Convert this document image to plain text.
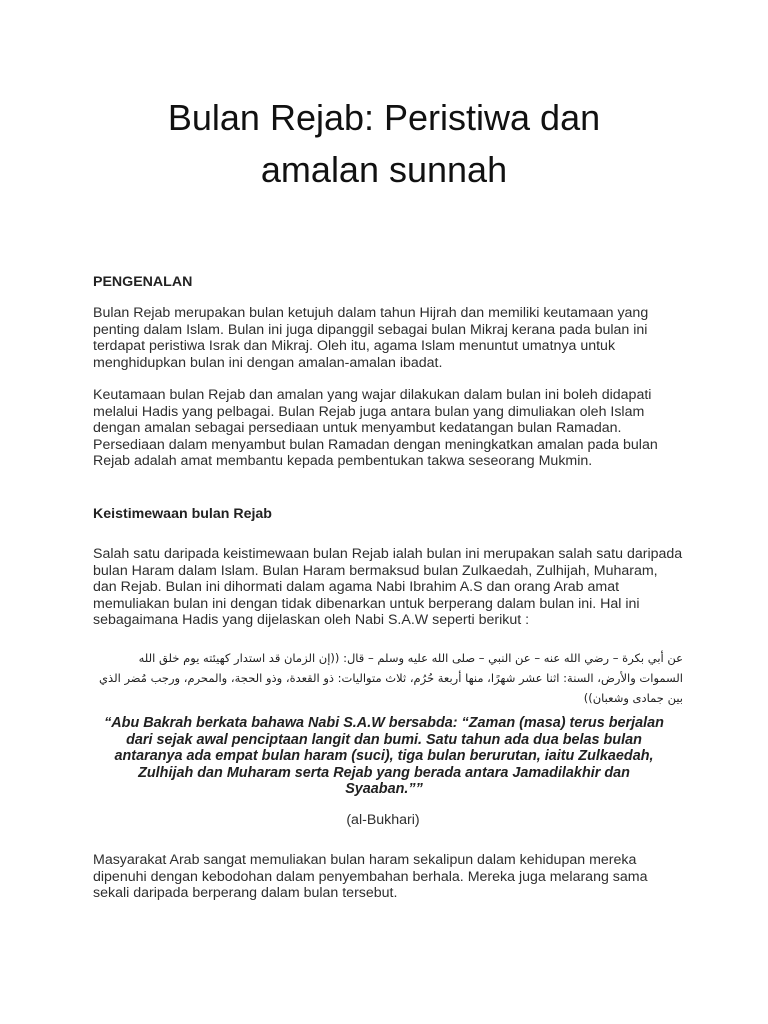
Bulan Rejab: Peristiwa dan amalan sunnah

PENGENALAN

Bulan Rejab merupakan bulan ketujuh dalam tahun Hijrah dan memiliki keutamaan yang penting dalam Islam. Bulan ini juga dipanggil sebagai bulan Mikraj kerana pada bulan ini terdapat peristiwa Israk dan Mikraj. Oleh itu, agama Islam menuntut umatnya untuk menghidupkan bulan ini dengan amalan-amalan ibadat.

Keutamaan bulan Rejab dan amalan yang wajar dilakukan dalam bulan ini boleh didapati melalui Hadis yang pelbagai. Bulan Rejab juga antara bulan yang dimuliakan oleh Islam dengan amalan sebagai persediaan untuk menyambut kedatangan bulan Ramadan. Persediaan dalam menyambut bulan Ramadan dengan meningkatkan amalan pada bulan Rejab adalah amat membantu kepada pembentukan takwa seseorang Mukmin.

Keistimewaan bulan Rejab

Salah satu daripada keistimewaan bulan Rejab ialah bulan ini merupakan salah satu daripada bulan Haram dalam Islam. Bulan Haram bermaksud bulan Zulkaedah, Zulhijah, Muharam, dan Rejab. Bulan ini dihormati dalam agama Nabi Ibrahim A.S dan orang Arab amat memuliakan bulan ini dengan tidak dibenarkan untuk berperang dalam bulan ini. Hal ini sebagaimana Hadis yang dijelaskan oleh Nabi S.A.W seperti berikut :

عن أبي بكرة – رضي الله عنه – عن النبي – صلى الله عليه وسلم – قال: ((إن الزمان قد استدار كهيئته يوم خلق الله السموات والأرض، السنة: اثنا عشر شهرًا، منها أربعة حُرُم، ثلاث متواليات: ذو القعدة، وذو الحجة، والمحرم، ورجب مُضر الذي بين جمادى وشعبان))

“Abu Bakrah berkata bahawa Nabi S.A.W bersabda: “Zaman (masa) terus berjalan dari sejak awal penciptaan langit dan bumi. Satu tahun ada dua belas bulan antaranya ada empat bulan haram (suci), tiga bulan berurutan, iaitu Zulkaedah, Zulhijah dan Muharam serta Rejab yang berada antara Jamadilakhir dan Syaaban.””

(al-Bukhari)

Masyarakat Arab sangat memuliakan bulan haram sekalipun dalam kehidupan mereka dipenuhi dengan kebodohan dalam penyembahan berhala. Mereka juga melarang sama sekali daripada berperang dalam bulan tersebut.
